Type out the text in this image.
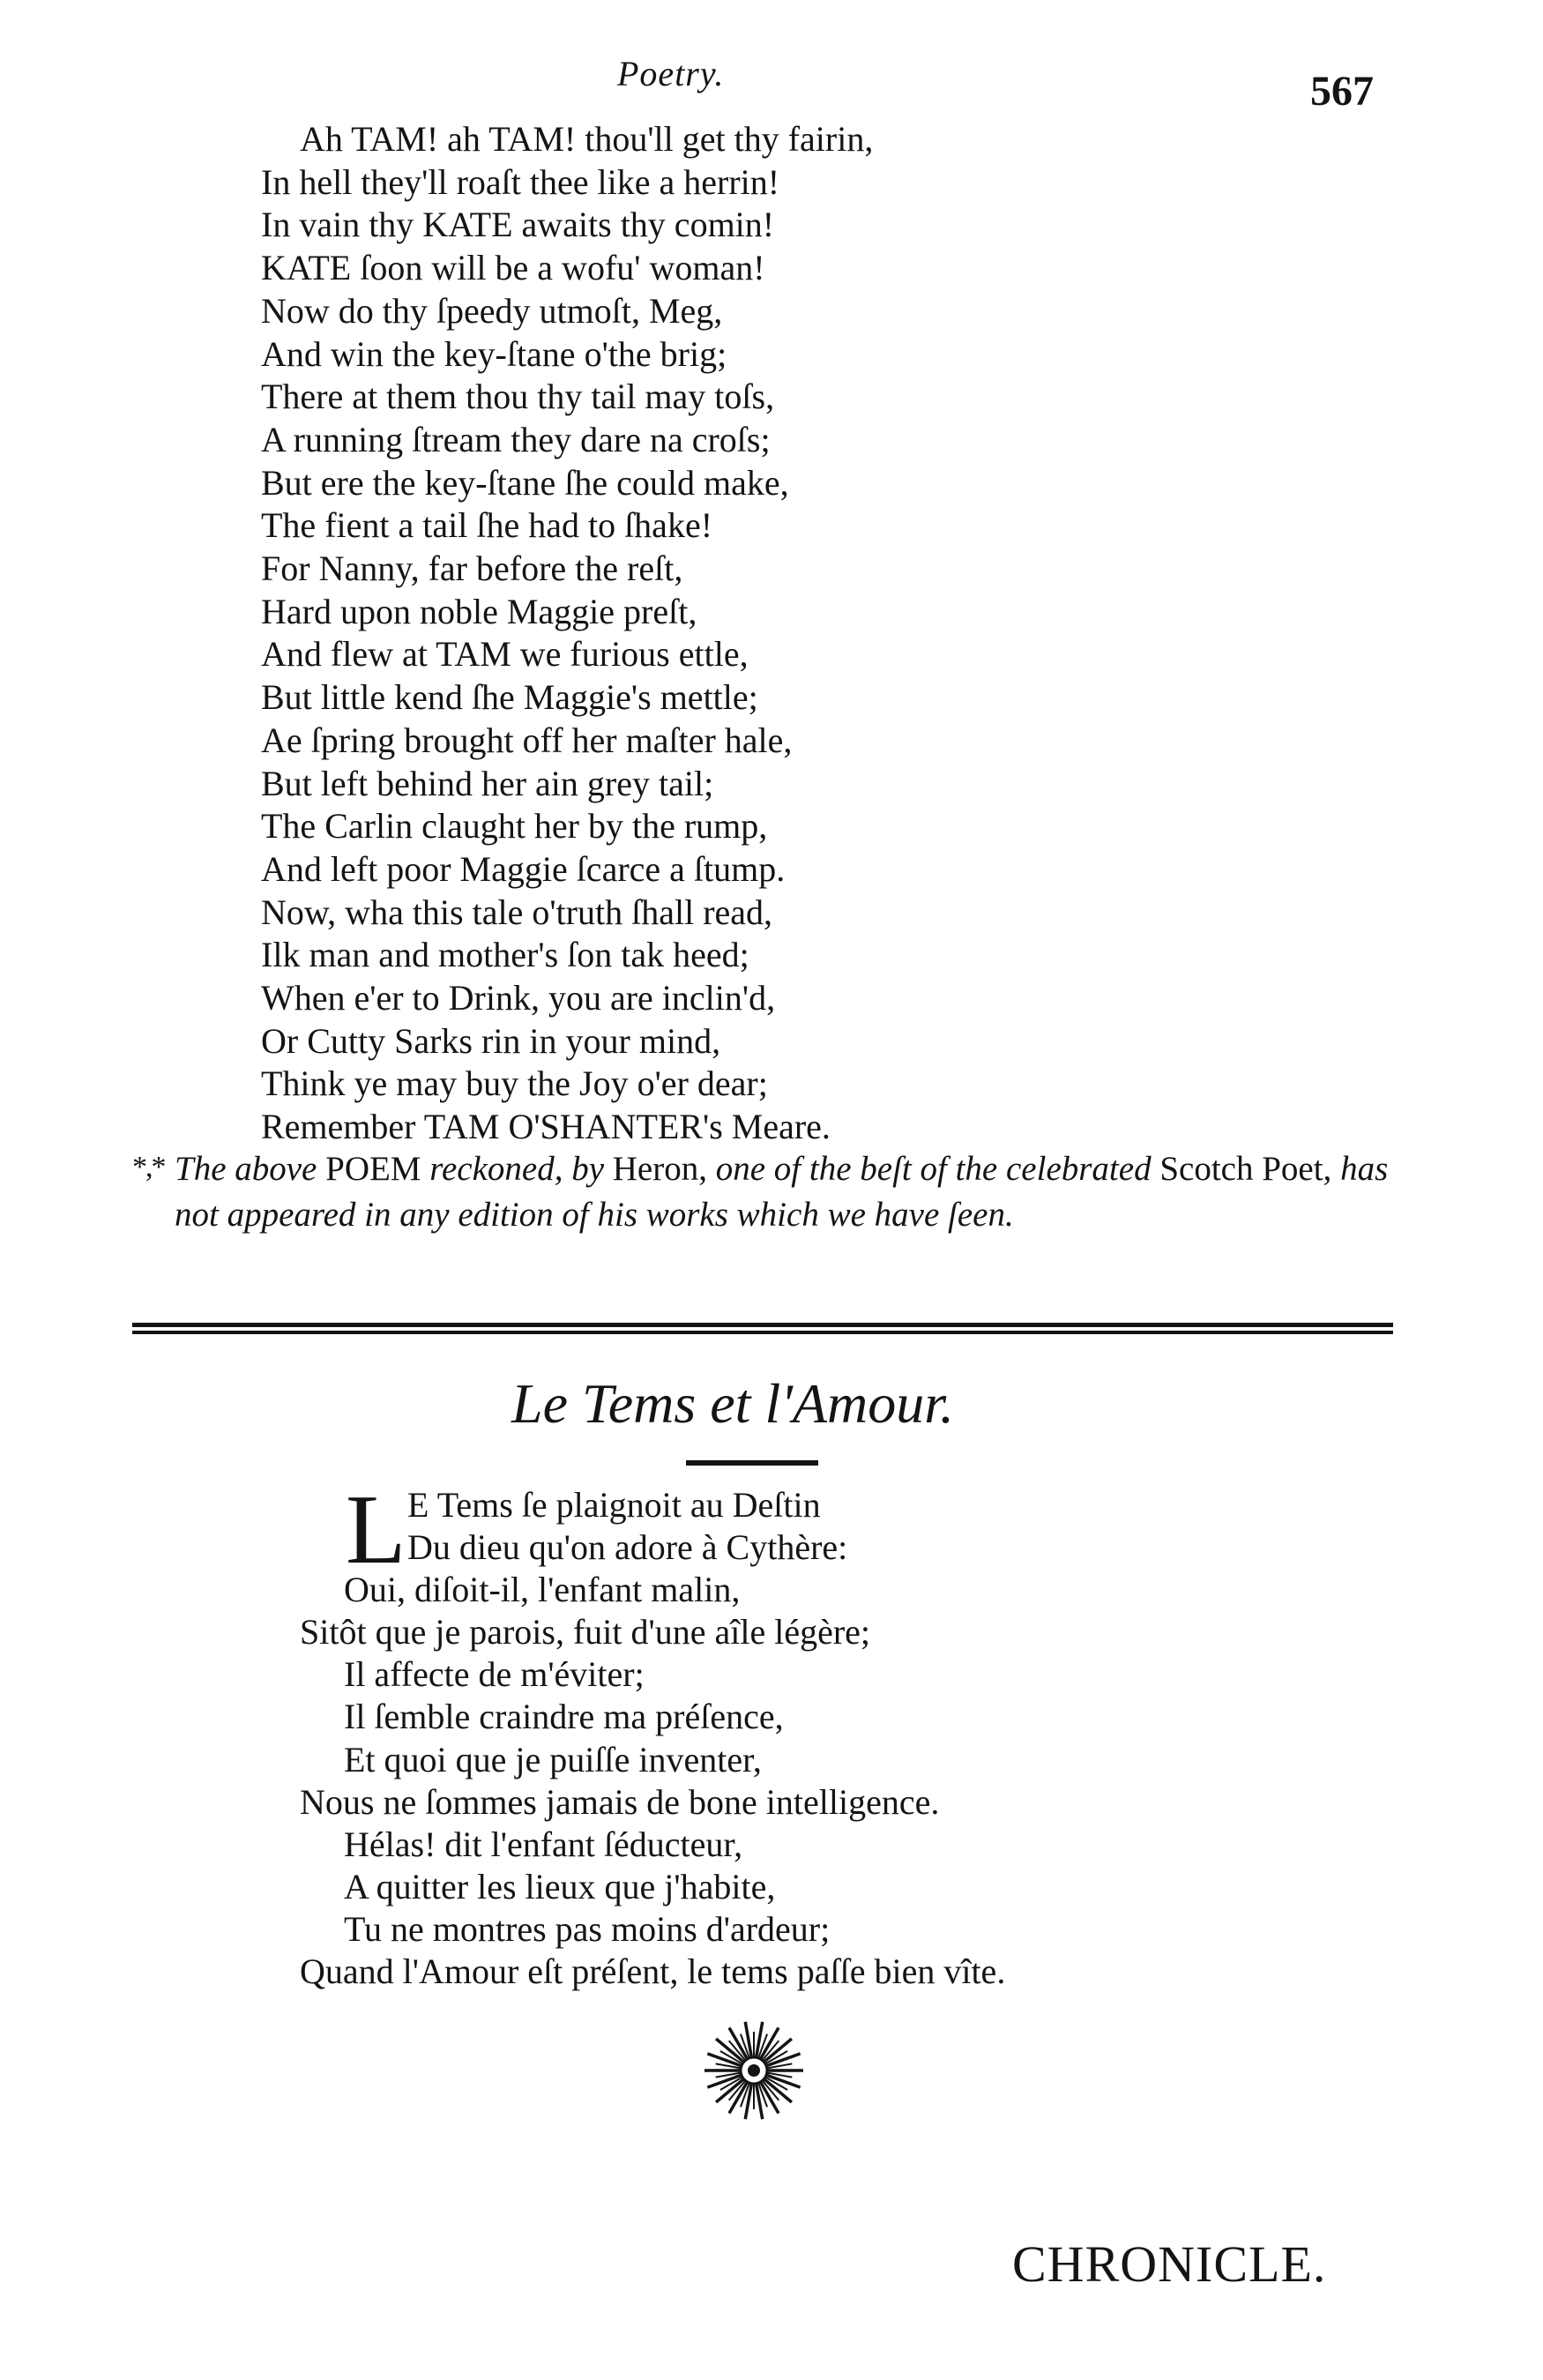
Poetry.	567
Ah TAM! ah TAM! thou'll get thy fairin,
In hell they'll roaſt thee like a herrin!
In vain thy KATE awaits thy comin!
KATE ſoon will be a wofu' woman!
Now do thy ſpeedy utmoſt, Meg,
And win the key-ſtane o'the brig;
There at them thou thy tail may toſs,
A running ſtream they dare na croſs;
But ere the key-ſtane ſhe could make,
The fient a tail ſhe had to ſhake!
For Nanny, far before the reſt,
Hard upon noble Maggie preſt,
And flew at TAM we furious ettle,
But little kend ſhe Maggie's mettle;
Ae ſpring brought off her maſter hale,
But left behind her ain grey tail;
The Carlin claught her by the rump,
And left poor Maggie ſcarce a ſtump.
Now, wha this tale o'truth ſhall read,
Ilk man and mother's ſon tak heed;
When e'er to Drink, you are inclin'd,
Or Cutty Sarks rin in your mind,
Think ye may buy the Joy o'er dear;
Remember TAM O'SHANTER's Meare.
*,* The above POEM reckoned, by Heron, one of the beſt of the celebrated Scotch Poet, has not appeared in any edition of his works which we have ſeen.
Le Tems et l'Amour.
L E Tems ſe plaignoit au Deſtin
Du dieu qu'on adore à Cythère:
Oui, diſoit-il, l'enfant malin,
Sitôt que je parois, fuit d'une aîle légère;
Il affecte de m'éviter;
Il ſemble craindre ma préſence,
Et quoi que je puiſſe inventer,
Nous ne ſommes jamais de bone intelligence.
Hélas! dit l'enfant ſéducteur,
A quitter les lieux que j'habite,
Tu ne montres pas moins d'ardeur;
Quand l'Amour eſt préſent, le tems paſſe bien vîte.
CHRONICLE.
